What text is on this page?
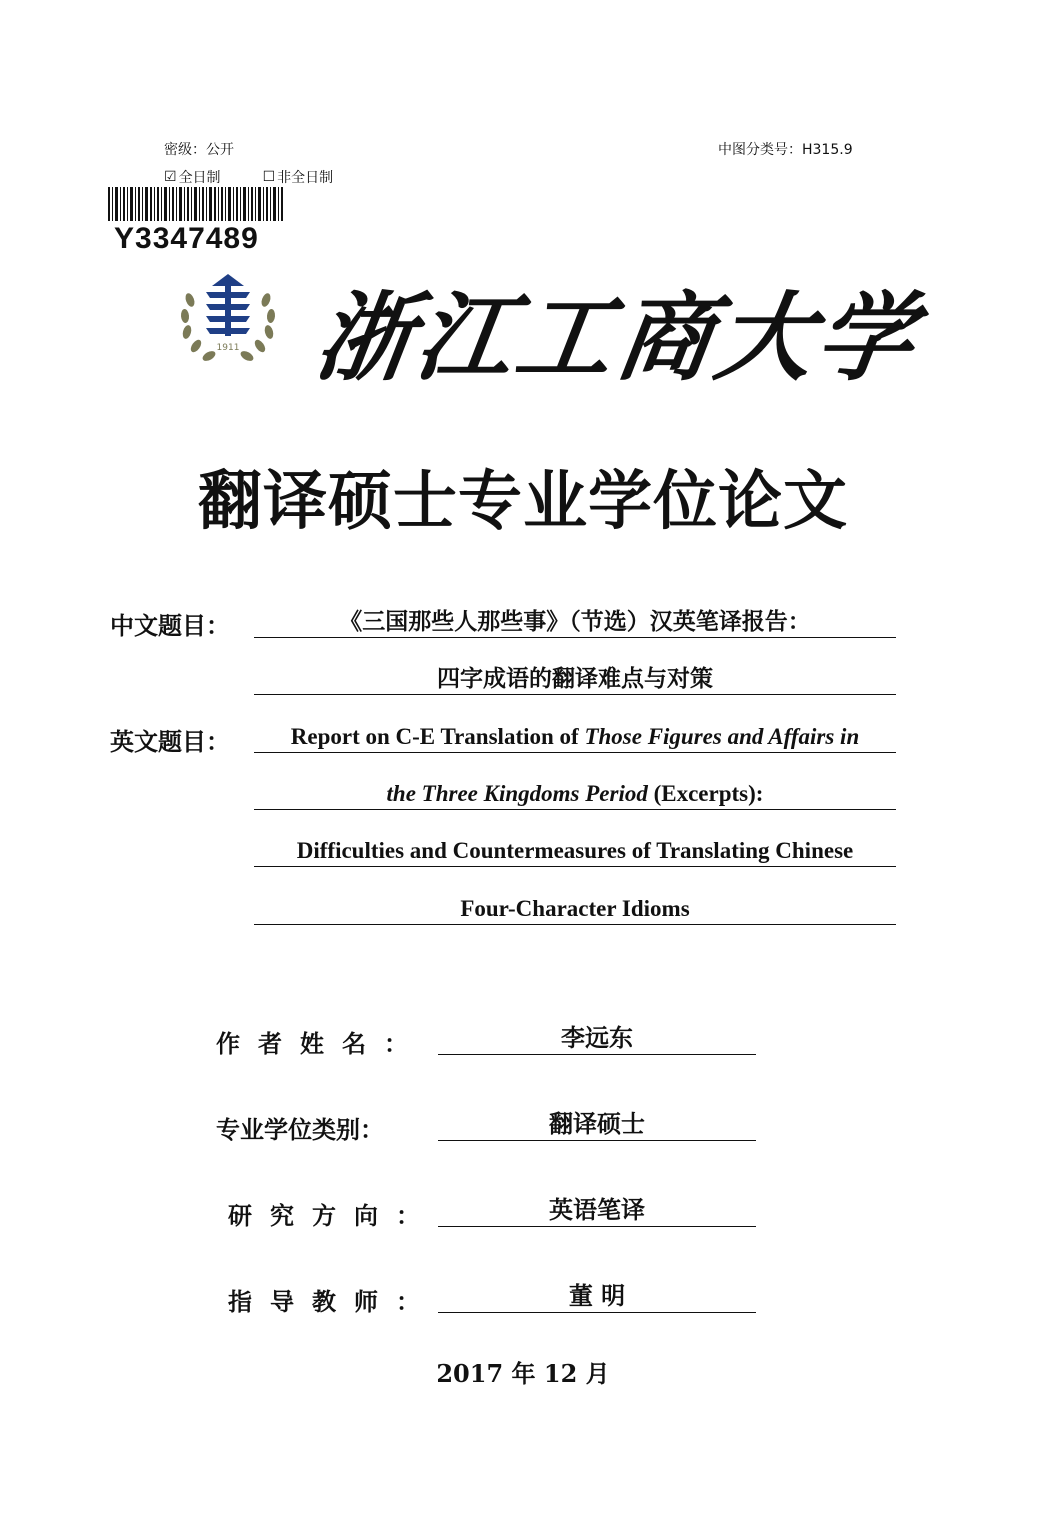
密级：公开	中图分类号：H315.9
☑ 全日制	☐ 非全日制
Y3347489
1911 浙江工商大学
翻译硕士专业学位论文
中文题目：	《三国那些人那些事》（节选）汉英笔译报告：
四字成语的翻译难点与对策
英文题目：	Report on C-E Translation of Those Figures and Affairs in
the Three Kingdoms Period (Excerpts):
Difficulties and Countermeasures of Translating Chinese
Four-Character Idioms
作者姓名：	李远东
专业学位类别：	翻译硕士
研究方向：	英语笔译
指导教师：	董 明
2017 年 12 月
